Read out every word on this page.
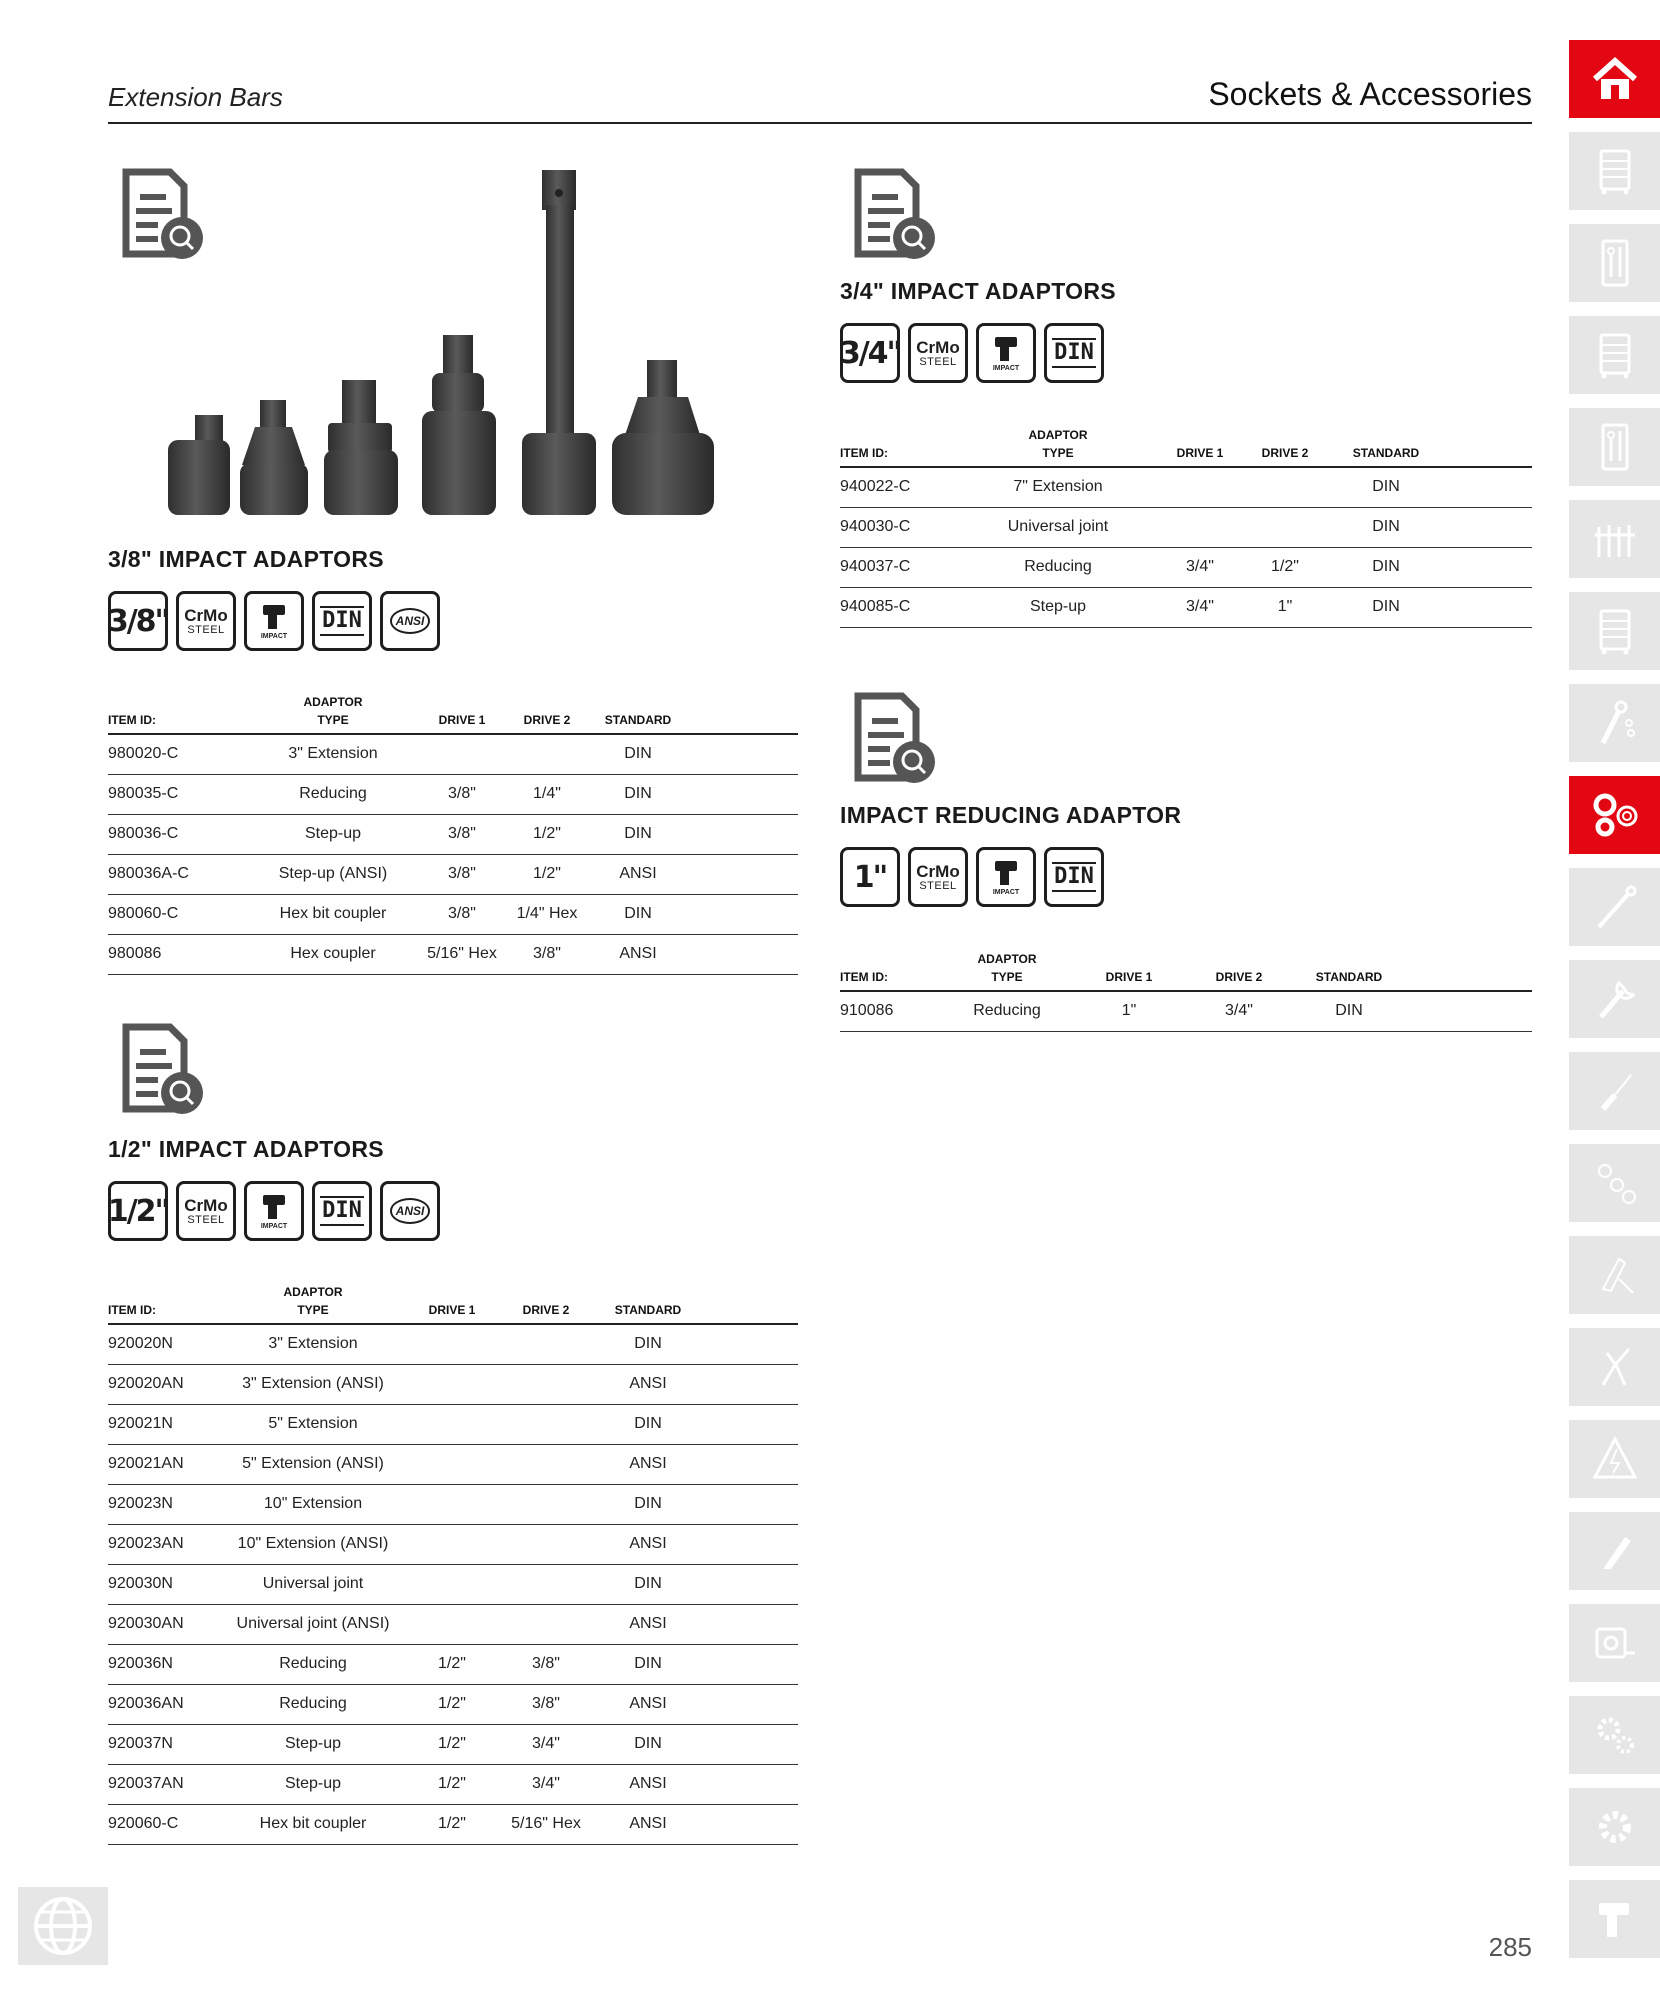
Extension Bars	Sockets & Accessories
3/8" IMPACT ADAPTORS
3/8" CrMo
STEEL
IMPACT
DIN	ANSI
ITEM ID:	ADAPTOR
TYPE	DRIVE 1	DRIVE 2	STANDARD	
980020-C	3" Extension			DIN	
980035-C	Reducing	3/8"	1/4"	DIN	
980036-C	Step-up	3/8"	1/2"	DIN	
980036A-C	Step-up (ANSI)	3/8"	1/2"	ANSI	
980060-C	Hex bit coupler	3/8"	1/4" Hex	DIN	
980086	Hex coupler	5/16" Hex	3/8"	ANSI	
1/2" IMPACT ADAPTORS
1/2" CrMo
STEEL
IMPACT
DIN	ANSI
ITEM ID:	ADAPTOR
TYPE	DRIVE 1	DRIVE 2	STANDARD	
920020N	3" Extension			DIN	
920020AN	3" Extension (ANSI)			ANSI	
920021N	5" Extension			DIN	
920021AN	5" Extension (ANSI)			ANSI	
920023N	10" Extension			DIN	
920023AN	10" Extension (ANSI)			ANSI	
920030N	Universal joint			DIN	
920030AN	Universal joint (ANSI)			ANSI	
920036N	Reducing	1/2"	3/8"	DIN	
920036AN	Reducing	1/2"	3/8"	ANSI	
920037N	Step-up	1/2"	3/4"	DIN	
920037AN	Step-up	1/2"	3/4"	ANSI	
920060-C	Hex bit coupler	1/2"	5/16" Hex	ANSI	
3/4" IMPACT ADAPTORS
3/4" CrMo
STEEL
IMPACT
DIN
ITEM ID:	ADAPTOR
TYPE	DRIVE 1	DRIVE 2	STANDARD	
940022-C	7" Extension			DIN	
940030-C	Universal joint			DIN	
940037-C	Reducing	3/4"	1/2"	DIN	
940085-C	Step-up	3/4"	1"	DIN	
IMPACT REDUCING ADAPTOR
1" CrMo
STEEL
IMPACT
DIN
ITEM ID:	ADAPTOR
TYPE	DRIVE 1	DRIVE 2	STANDARD	
910086	Reducing	1"	3/4"	DIN	
285
